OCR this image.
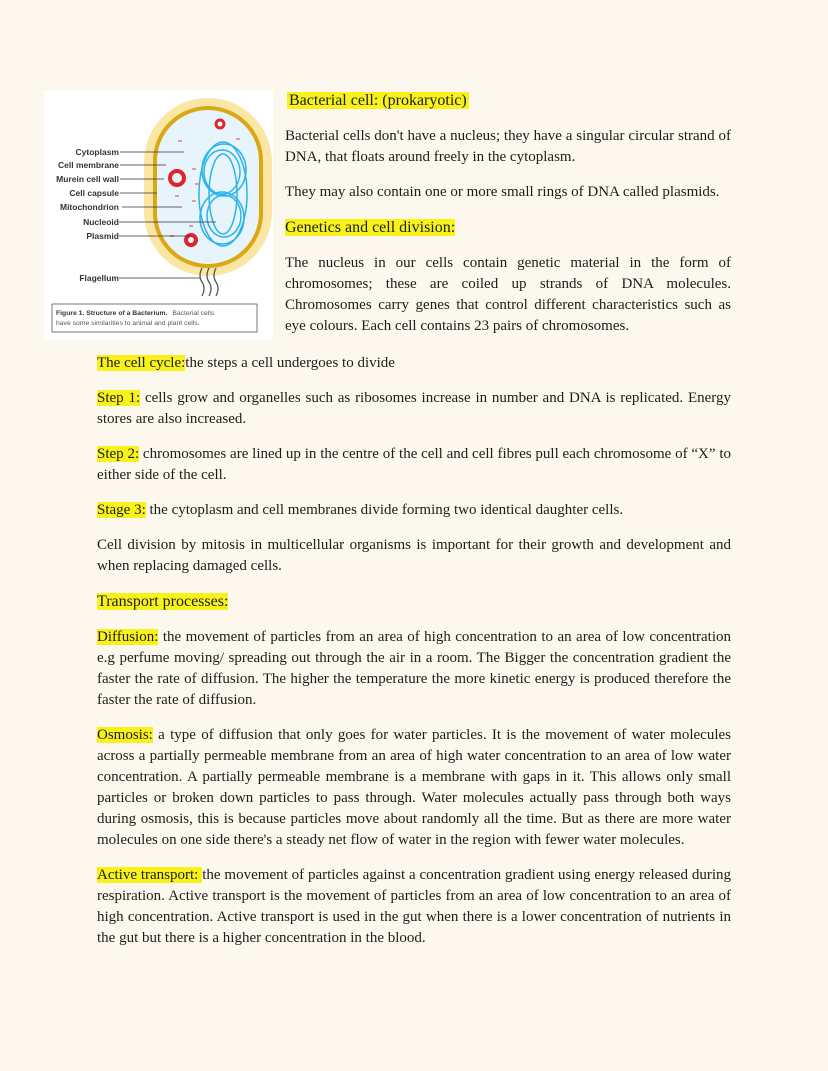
Cytoplasm
Cell membrane
Murein cell wall
Cell capsule
Mitochondrion
Nucleoid
Plasmid
Flagellum
Figure 1. Structure of a Bacterium. Bacterial cells
have some similarities to animal and plant cells.
Bacterial cell: (prokaryotic)

Bacterial cells don't have a nucleus; they have a singular circular strand of DNA, that floats around freely in the cytoplasm.

They may also contain one or more small rings of DNA called plasmids.

Genetics and cell division:

The nucleus in our cells contain genetic material in the form of chromosomes; these are coiled up strands of DNA molecules. Chromosomes carry genes that control different characteristics such as eye colours. Each cell contains 23 pairs of chromosomes.

The cell cycle:the steps a cell undergoes to divide

Step 1: cells grow and organelles such as ribosomes increase in number and DNA is replicated. Energy stores are also increased.

Step 2: chromosomes are lined up in the centre of the cell and cell fibres pull each chromosome of “X” to either side of the cell.

Stage 3: the cytoplasm and cell membranes divide forming two identical daughter cells.

Cell division by mitosis in multicellular organisms is important for their growth and development and when replacing damaged cells.

Transport processes:

Diffusion: the movement of particles from an area of high concentration to an area of low concentration e.g perfume moving/ spreading out through the air in a room. The Bigger the concentration gradient the faster the rate of diffusion. The higher the temperature the more kinetic energy is produced therefore the faster the rate of diffusion.

Osmosis: a type of diffusion that only goes for water particles. It is the movement of water molecules across a partially permeable membrane from an area of high water concentration to an area of low water concentration. A partially permeable membrane is a membrane with gaps in it. This allows only small particles or broken down particles to pass through. Water molecules actually pass through both ways during osmosis, this is because particles move about randomly all the time. But as there are more water molecules on one side there's a steady net flow of water in the region with fewer water molecules.

Active transport: the movement of particles against a concentration gradient using energy released during respiration. Active transport is the movement of particles from an area of low concentration to an area of high concentration. Active transport is used in the gut when there is a lower concentration of nutrients in the gut but there is a higher concentration in the blood.
